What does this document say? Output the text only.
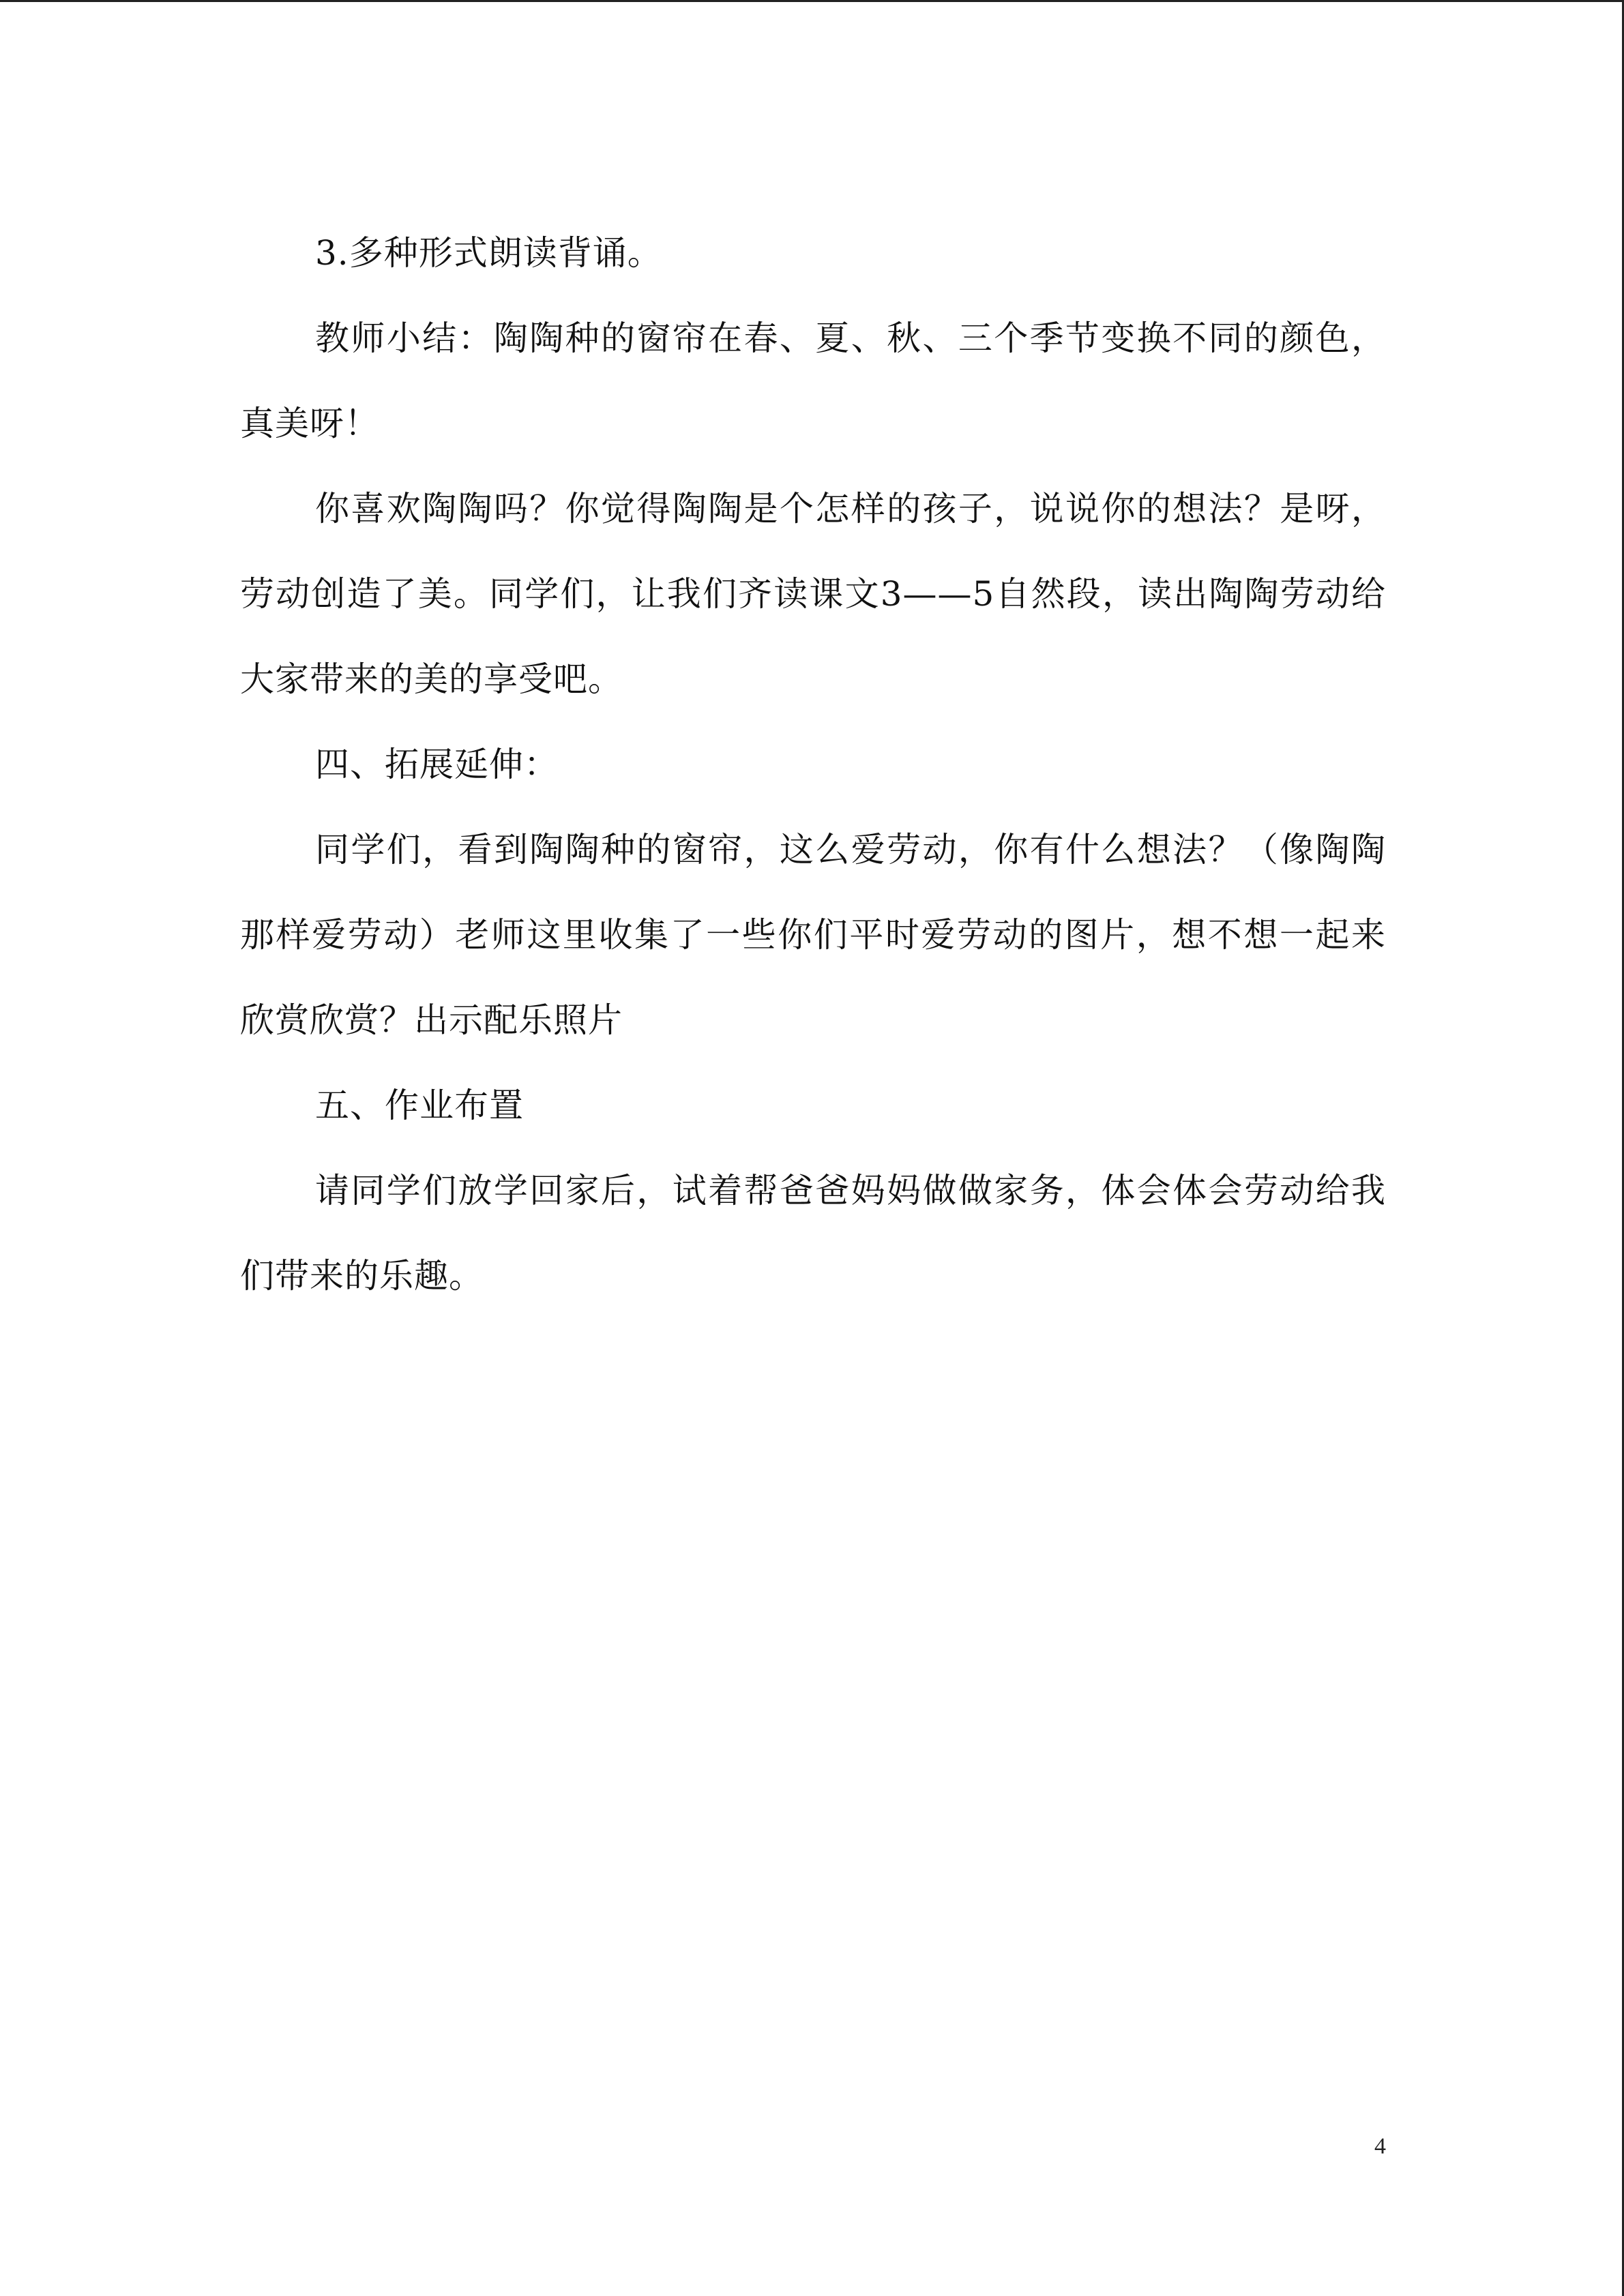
3.多种形式朗读背诵。

教师小结：陶陶种的窗帘在春、夏、秋、三个季节变换不同的颜色，真美呀！

你喜欢陶陶吗？你觉得陶陶是个怎样的孩子，说说你的想法？是呀，劳动创造了美。同学们，让我们齐读课文3——5自然段，读出陶陶劳动给大家带来的美的享受吧。

四、拓展延伸：

同学们，看到陶陶种的窗帘，这么爱劳动，你有什么想法？（像陶陶那样爱劳动）老师这里收集了一些你们平时爱劳动的图片，想不想一起来欣赏欣赏？出示配乐照片

五、作业布置

请同学们放学回家后，试着帮爸爸妈妈做做家务，体会体会劳动给我们带来的乐趣。

4
